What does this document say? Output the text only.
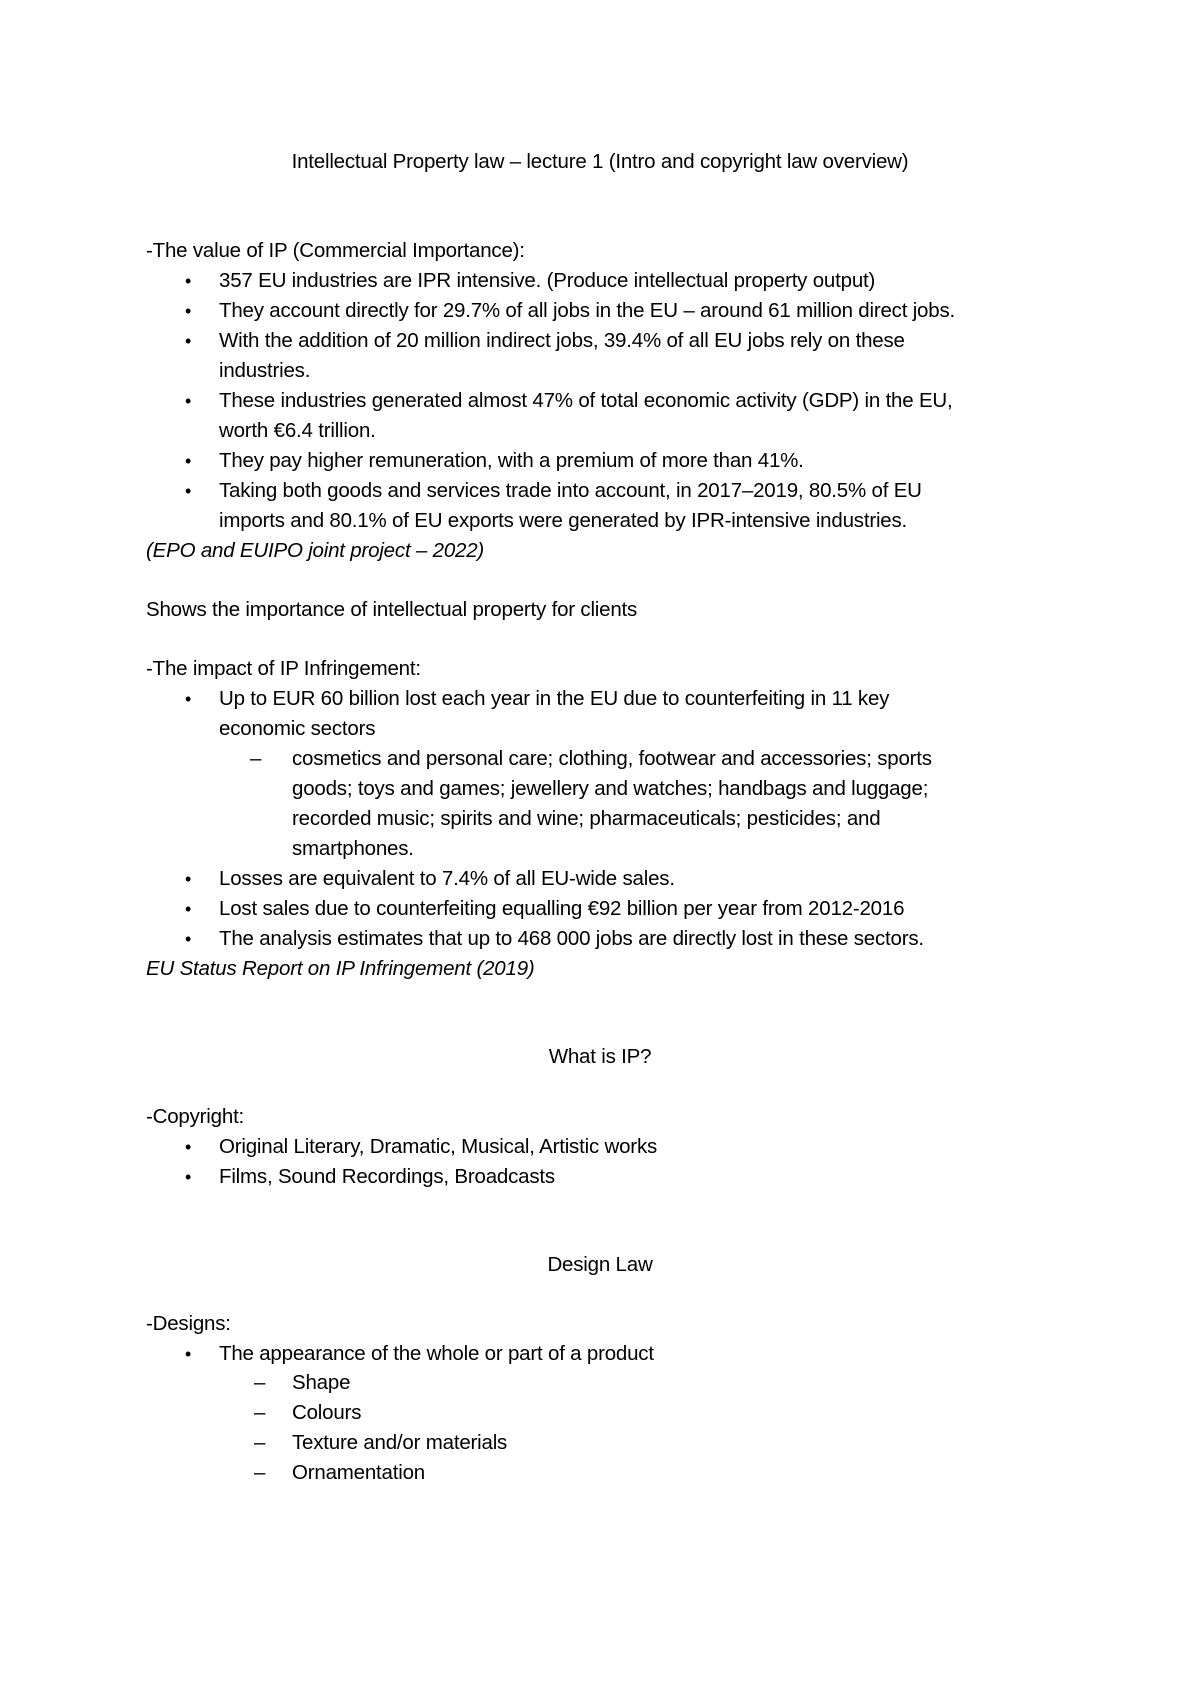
Intellectual Property law – lecture 1 (Intro and copyright law overview)
-The value of IP (Commercial Importance):
• 357 EU industries are IPR intensive. (Produce intellectual property output)
• They account directly for 29.7% of all jobs in the EU – around 61 million direct jobs.
• With the addition of 20 million indirect jobs, 39.4% of all EU jobs rely on these
industries.
• These industries generated almost 47% of total economic activity (GDP) in the EU,
worth €6.4 trillion.
• They pay higher remuneration, with a premium of more than 41%.
• Taking both goods and services trade into account, in 2017–2019, 80.5% of EU
imports and 80.1% of EU exports were generated by IPR-intensive industries.
(EPO and EUIPO joint project – 2022)
Shows the importance of intellectual property for clients
-The impact of IP Infringement:
• Up to EUR 60 billion lost each year in the EU due to counterfeiting in 11 key
economic sectors
– cosmetics and personal care; clothing, footwear and accessories; sports
goods; toys and games; jewellery and watches; handbags and luggage;
recorded music; spirits and wine; pharmaceuticals; pesticides; and
smartphones.
• Losses are equivalent to 7.4% of all EU-wide sales.
• Lost sales due to counterfeiting equalling €92 billion per year from 2012-2016
• The analysis estimates that up to 468 000 jobs are directly lost in these sectors.
EU Status Report on IP Infringement (2019)
What is IP?
-Copyright:
• Original Literary, Dramatic, Musical, Artistic works
• Films, Sound Recordings, Broadcasts
Design Law
-Designs:
• The appearance of the whole or part of a product
– Shape
– Colours
– Texture and/or materials
– Ornamentation
